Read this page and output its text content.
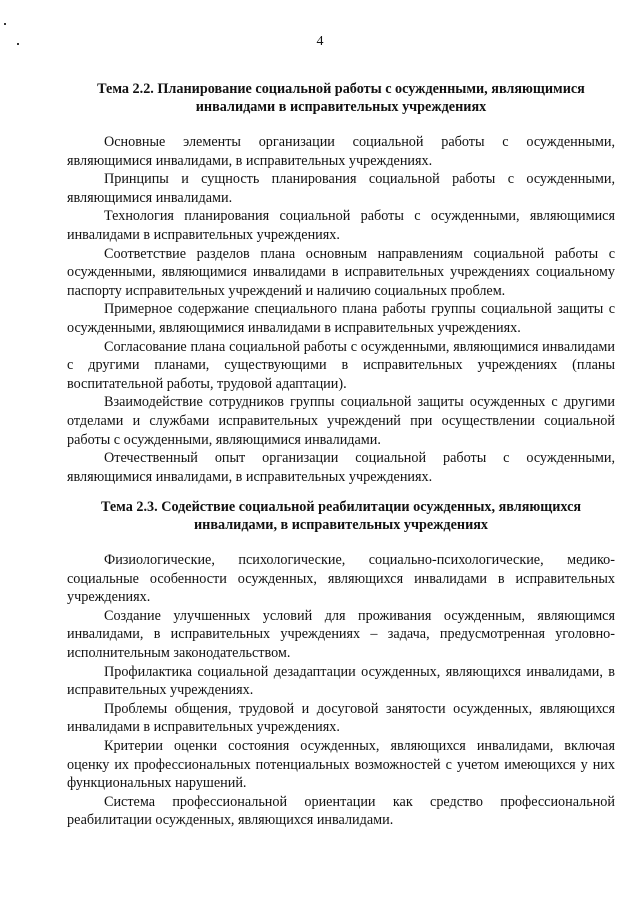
4

Тема 2.2. Планирование социальной работы с осужденными, являющимися инвалидами в исправительных учреждениях

Основные элементы организации социальной работы с осужденными, являющимися инвалидами, в исправительных учреждениях.

Принципы и сущность планирования социальной работы с осужденными, являющимися инвалидами.

Технология планирования социальной работы с осужденными, являющимися инвалидами в исправительных учреждениях.

Соответствие разделов плана основным направлениям социальной работы с осужденными, являющимися инвалидами в исправительных учреждениях социальному паспорту исправительных учреждений и наличию социальных проблем.

Примерное содержание специального плана работы группы социальной защиты с осужденными, являющимися инвалидами в исправительных учреждениях.

Согласование плана социальной работы с осужденными, являющимися инвалидами с другими планами, существующими в исправительных учреждениях (планы воспитательной работы, трудовой адаптации).

Взаимодействие сотрудников группы социальной защиты осужденных с другими отделами и службами исправительных учреждений при осуществлении социальной работы с осужденными, являющимися инвалидами.

Отечественный опыт организации социальной работы с осужденными, являющимися инвалидами, в исправительных учреждениях.

Тема 2.3. Содействие социальной реабилитации осужденных, являющихся инвалидами, в исправительных учреждениях

Физиологические, психологические, социально-психологические, медико-социальные особенности осужденных, являющихся инвалидами в исправительных учреждениях.

Создание улучшенных условий для проживания осужденным, являющимся инвалидами, в исправительных учреждениях – задача, предусмотренная уголовно-исполнительным законодательством.

Профилактика социальной дезадаптации осужденных, являющихся инвалидами, в исправительных учреждениях.

Проблемы общения, трудовой и досуговой занятости осужденных, являющихся инвалидами в исправительных учреждениях.

Критерии оценки состояния осужденных, являющихся инвалидами, включая оценку их профессиональных потенциальных возможностей с учетом имеющихся у них функциональных нарушений.

Система профессиональной ориентации как средство профессиональной реабилитации осужденных, являющихся инвалидами.
